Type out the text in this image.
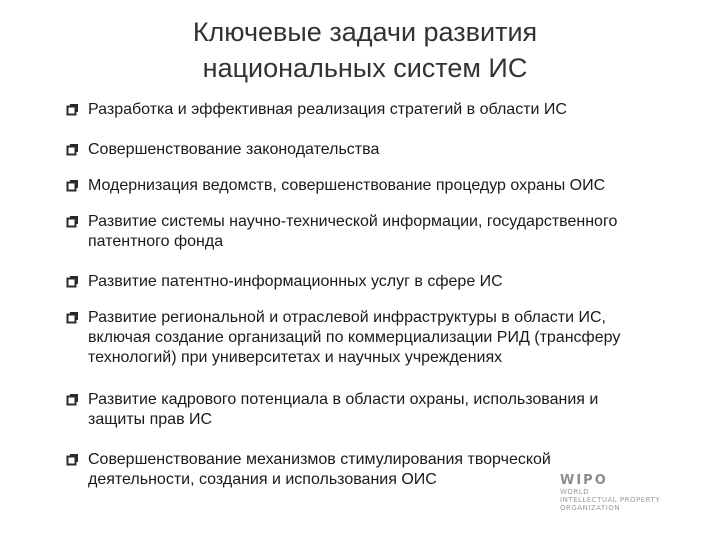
Ключевые задачи развития
национальных систем ИС
Разработка и эффективная реализация стратегий в области ИС
Совершенствование законодательства
Модернизация ведомств, совершенствование процедур охраны ОИС
Развитие системы научно-технической информации, государственного
патентного фонда
Развитие патентно-информационных услуг в сфере ИС
Развитие региональной и отраслевой инфраструктуры в области ИС,
включая создание организаций по коммерциализации РИД (трансферу
технологий) при университетах и научных учреждениях
Развитие кадрового потенциала в области охраны, использования и
защиты прав ИС
Совершенствование механизмов стимулирования творческой
деятельности, создания и использования ОИС	WIPO
WORLD
INTELLECTUAL PROPERTY
ORGANIZATION
